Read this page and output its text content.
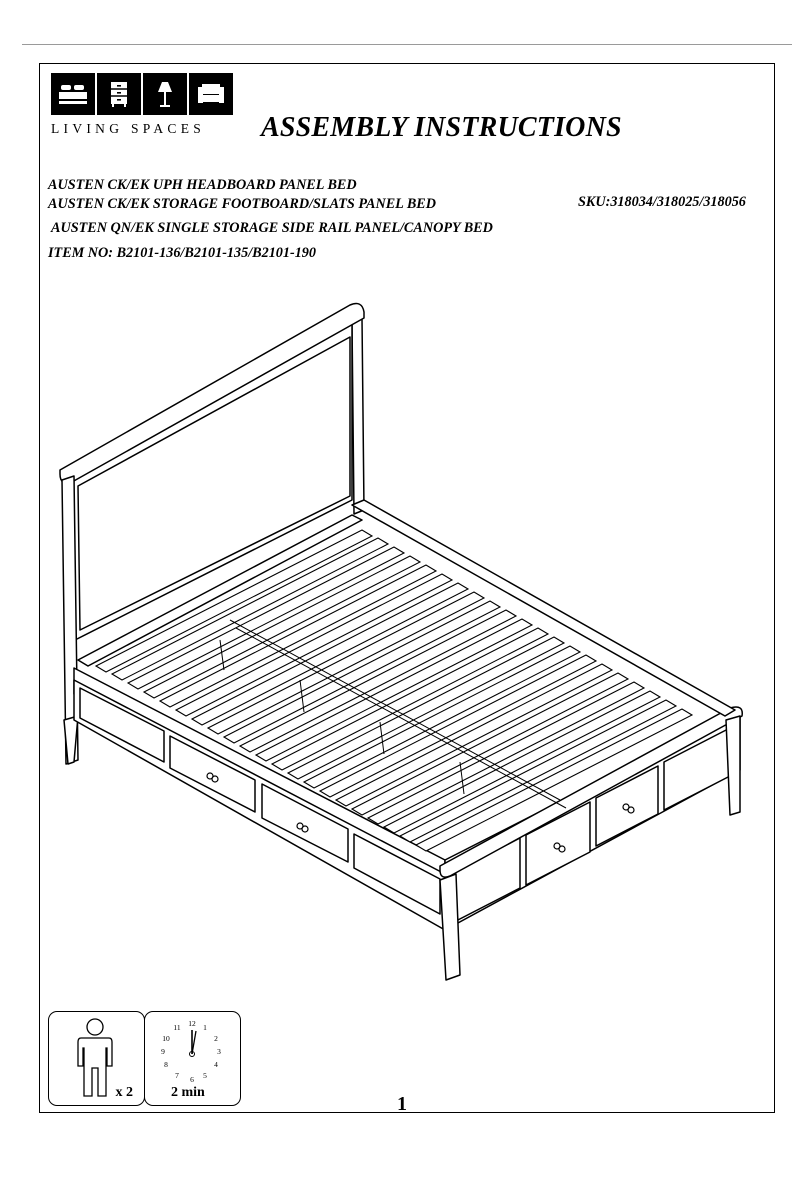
LIVING SPACES	ASSEMBLY INSTRUCTIONS
AUSTEN CK/EK UPH HEADBOARD PANEL BED
AUSTEN CK/EK STORAGE FOOTBOARD/SLATS PANEL BED
AUSTEN QN/EK SINGLE STORAGE SIDE RAIL PANEL/CANOPY BED
ITEM NO: B2101-136/B2101-135/B2101-190
SKU:318034/318025/318056
x 2
12 1
2
3
4
5
6
7
8
9
10
11
2 min
1
